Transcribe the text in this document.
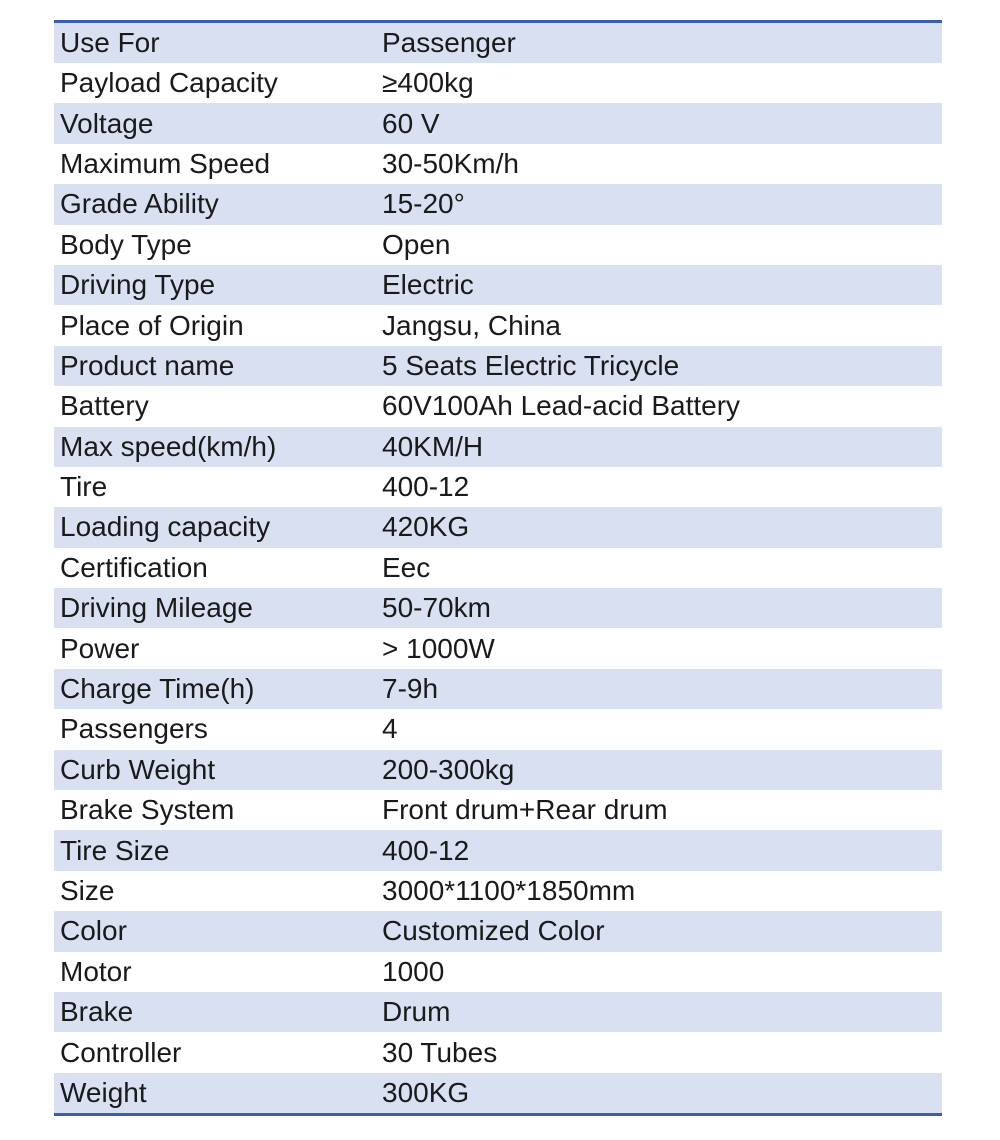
Use For	Passenger
Payload Capacity	≥400kg
Voltage	60 V
Maximum Speed	30-50Km/h
Grade Ability	15-20°
Body Type	Open
Driving Type	Electric
Place of Origin	Jangsu, China
Product name	5 Seats Electric Tricycle
Battery	60V100Ah Lead-acid Battery
Max speed(km/h)	40KM/H
Tire	400-12
Loading capacity	420KG
Certification	Eec
Driving Mileage	50-70km
Power	> 1000W
Charge Time(h)	7-9h
Passengers	4
Curb Weight	200-300kg
Brake System	Front drum+Rear drum
Tire Size	400-12
Size	3000*1100*1850mm
Color	Customized Color
Motor	1000
Brake	Drum
Controller	30 Tubes
Weight	300KG
